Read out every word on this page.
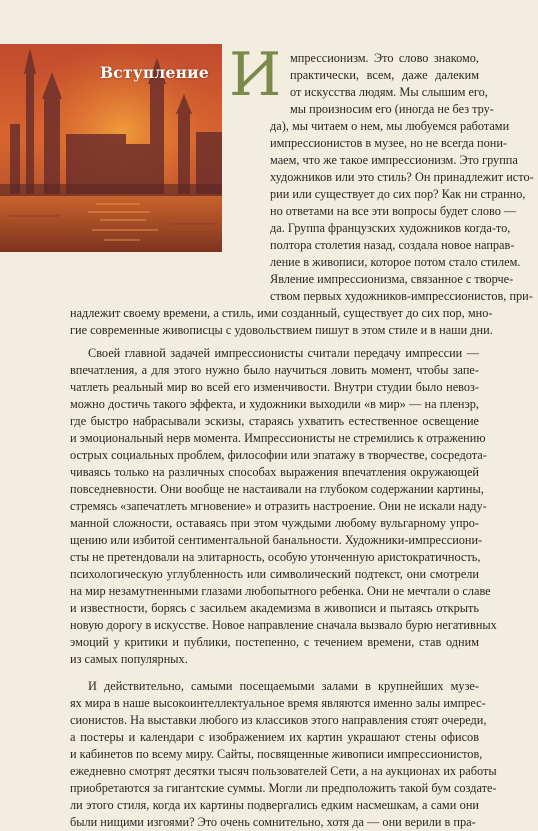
Вступление И мпрессионизм. Это слово знакомо,
практически, всем, даже далеким
от искусства людям. Мы слышим его,
мы произносим его (иногда не без тру-
да), мы читаем о нем, мы любуемся работами
импрессионистов в музее, но не всегда пони-
маем, что же такое импрессионизм. Это группа
художников или это стиль? Он принадлежит исто-
рии или существует до сих пор? Как ни странно,
но ответами на все эти вопросы будет слово —
да. Группа французских художников когда-то,
полтора столетия назад, создала новое направ-
ление в живописи, которое потом стало стилем.
Явление импрессионизма, связанное с творче-
ством первых художников-импрессионистов, при-
надлежит своему времени, а стиль, ими созданный, существует до сих пор, мно-
гие современные живописцы с удовольствием пишут в этом стиле и в наши дни.
Своей главной задачей импрессионисты считали передачу импрессии —
впечатления, а для этого нужно было научиться ловить момент, чтобы запе-
чатлеть реальный мир во всей его изменчивости. Внутри студии было невоз-
можно достичь такого эффекта, и художники выходили «в мир» — на пленэр,
где быстро набрасывали эскизы, стараясь ухватить естественное освещение
и эмоциональный нерв момента. Импрессионисты не стремились к отражению
острых социальных проблем, философии или эпатажу в творчестве, сосредота-
чиваясь только на различных способах выражения впечатления окружающей
повседневности. Они вообще не настаивали на глубоком содержании картины,
стремясь «запечатлеть мгновение» и отразить настроение. Они не искали наду-
манной сложности, оставаясь при этом чуждыми любому вульгарному упро-
щению или избитой сентиментальной банальности. Художники-импрессиони-
сты не претендовали на элитарность, особую утонченную аристократичность,
психологическую углубленность или символический подтекст, они смотрели
на мир незамутненными глазами любопытного ребенка. Они не мечтали о славе
и известности, борясь с засильем академизма в живописи и пытаясь открыть
новую дорогу в искусстве. Новое направление сначала вызвало бурю негативных
эмоций у критики и публики, постепенно, с течением времени, став одним
из самых популярных.
И действительно, самыми посещаемыми залами в крупнейших музе-
ях мира в наше высокоинтеллектуальное время являются именно залы импрес-
сионистов. На выставки любого из классиков этого направления стоят очереди,
а постеры и календари с изображением их картин украшают стены офисов
и кабинетов по всему миру. Сайты, посвященные живописи импрессионистов,
ежедневно смотрят десятки тысяч пользователей Сети, а на аукционах их работы
приобретаются за гигантские суммы. Могли ли предположить такой бум создате-
ли этого стиля, когда их картины подвергались едким насмешкам, а сами они
были нищими изгоями? Это очень сомнительно, хотя да — они верили в пра-
